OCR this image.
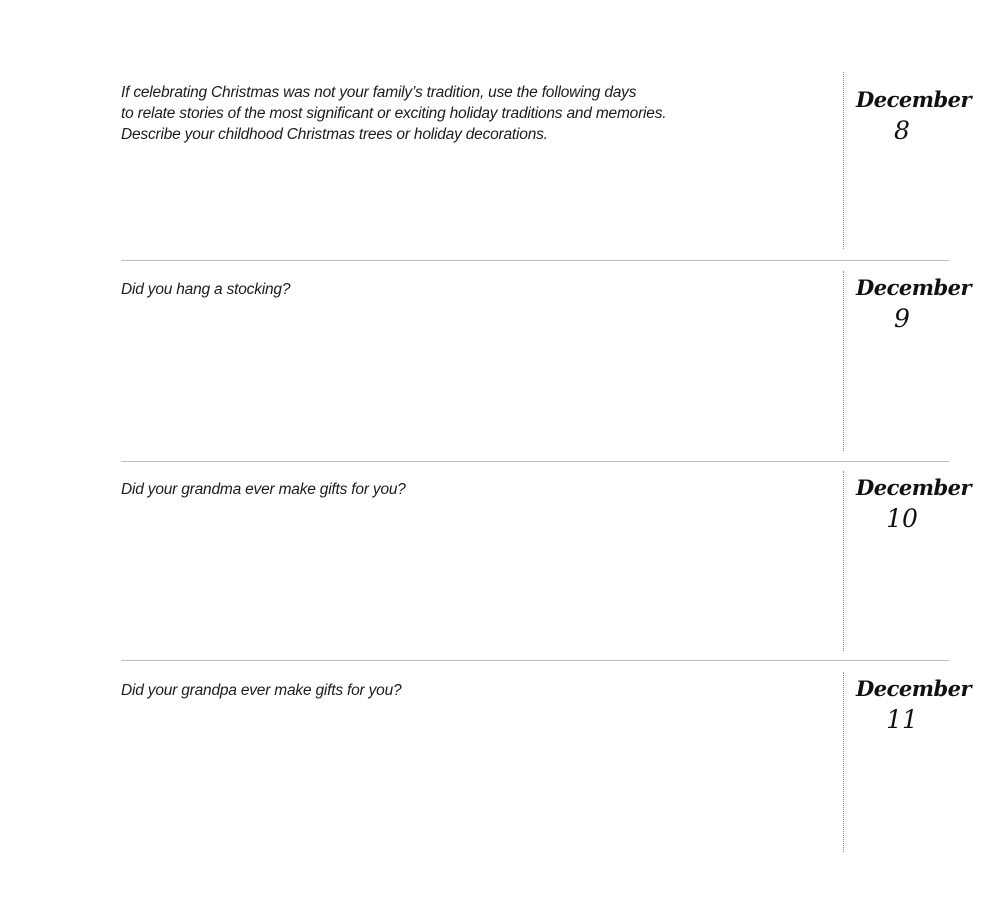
If celebrating Christmas was not your family’s tradition, use the following days
to relate stories of the most significant or exciting holiday traditions and memories.
Describe your childhood Christmas trees or holiday decorations.
December
8
Did you hang a stocking?	December
9
Did your grandma ever make gifts for you?	December
10
Did your grandpa ever make gifts for you?	December
11
